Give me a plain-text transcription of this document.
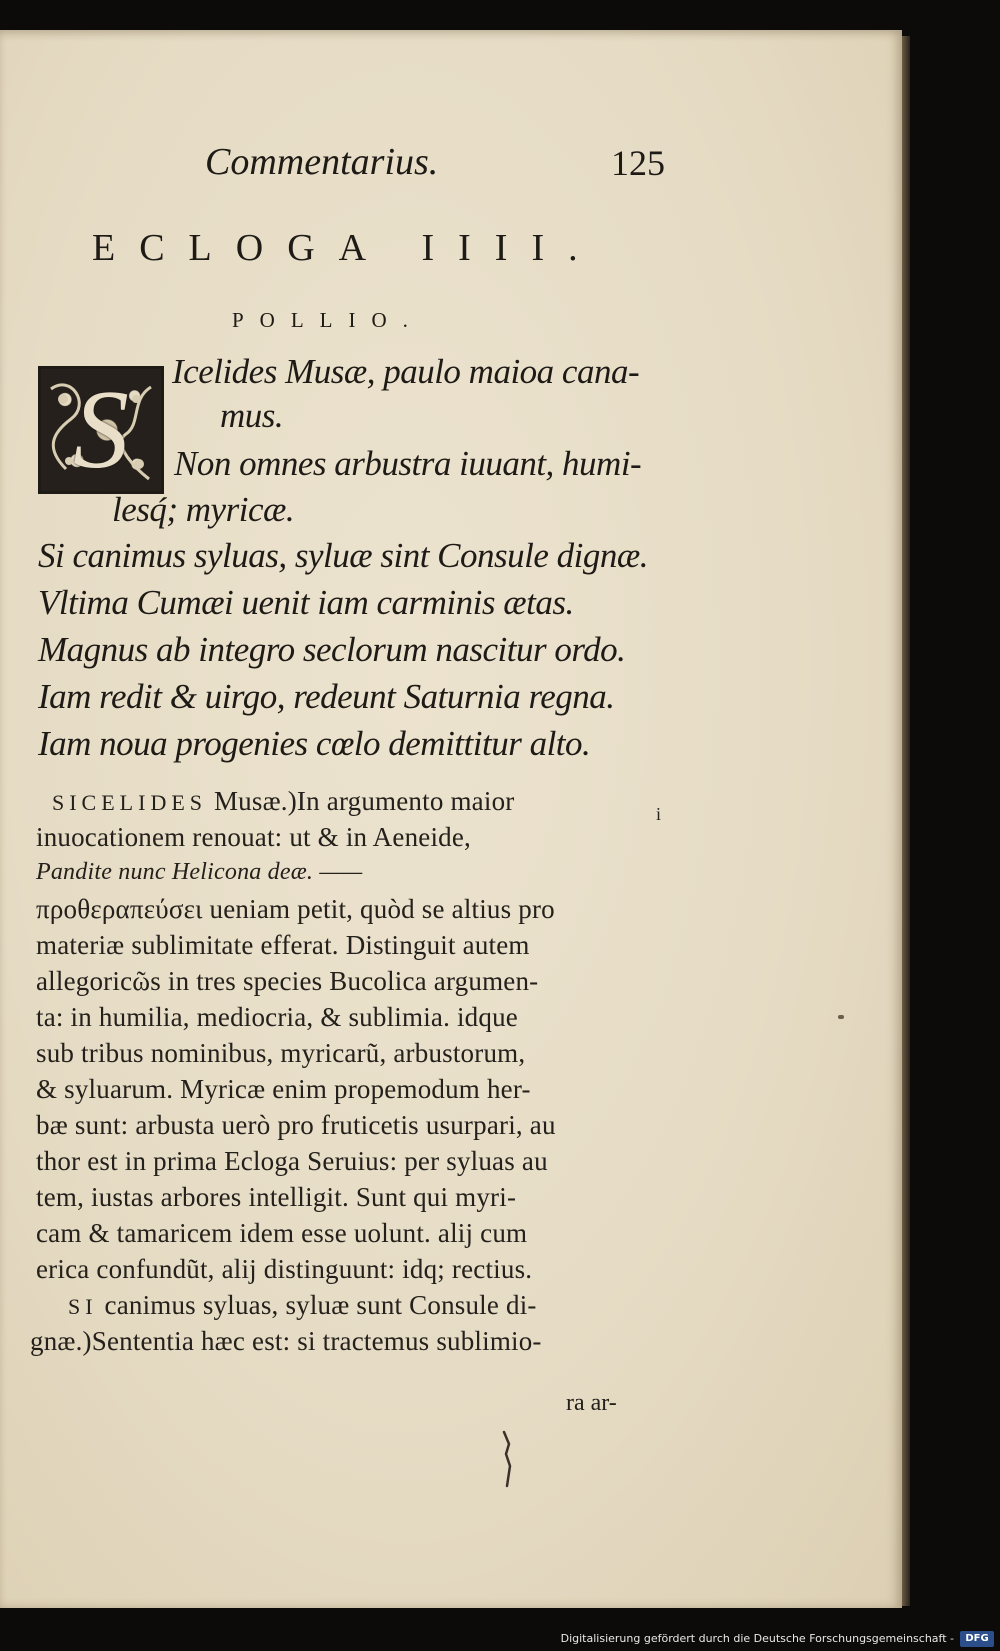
Commentarius.	125
ECLOGA IIII.
POLLIO.
S	Icelides Musæ, paulo maioa cana-
mus.
Non omnes arbustra iuuant, humi-
lesq́; myricæ.
Si canimus syluas, syluæ sint Consule dignæ.
Vltima Cumæi uenit iam carminis ætas.
Magnus ab integro seclorum nascitur ordo.
Iam redit & uirgo, redeunt Saturnia regna.
Iam noua progenies cœlo demittitur alto.
SICELIDES Musæ.)In argumento maior	i
inuocationem renouat: ut & in Aeneide,
Pandite nunc Helicona deæ. ——
προθεραπεύσει ueniam petit, quòd se altius pro
materiæ sublimitate efferat. Distinguit autem
allegoricῶs in tres species Bucolica argumen-
ta: in humilia, mediocria, & sublimia. idque
sub tribus nominibus, myricarũ, arbustorum,
& syluarum. Myricæ enim propemodum her-
bæ sunt: arbusta uerò pro fruticetis usurpari, au
thor est in prima Ecloga Seruius: per syluas au
tem, iustas arbores intelligit. Sunt qui myri-
cam & tamaricem idem esse uolunt. alij cum
erica confundũt, alij distinguunt: idq; rectius.
SI canimus syluas, syluæ sunt Consule di-
gnæ.)Sententia hæc est: si tractemus sublimio-
ra ar-
Digitalisierung gefördert durch die Deutsche Forschungsgemeinschaft -	DFG
